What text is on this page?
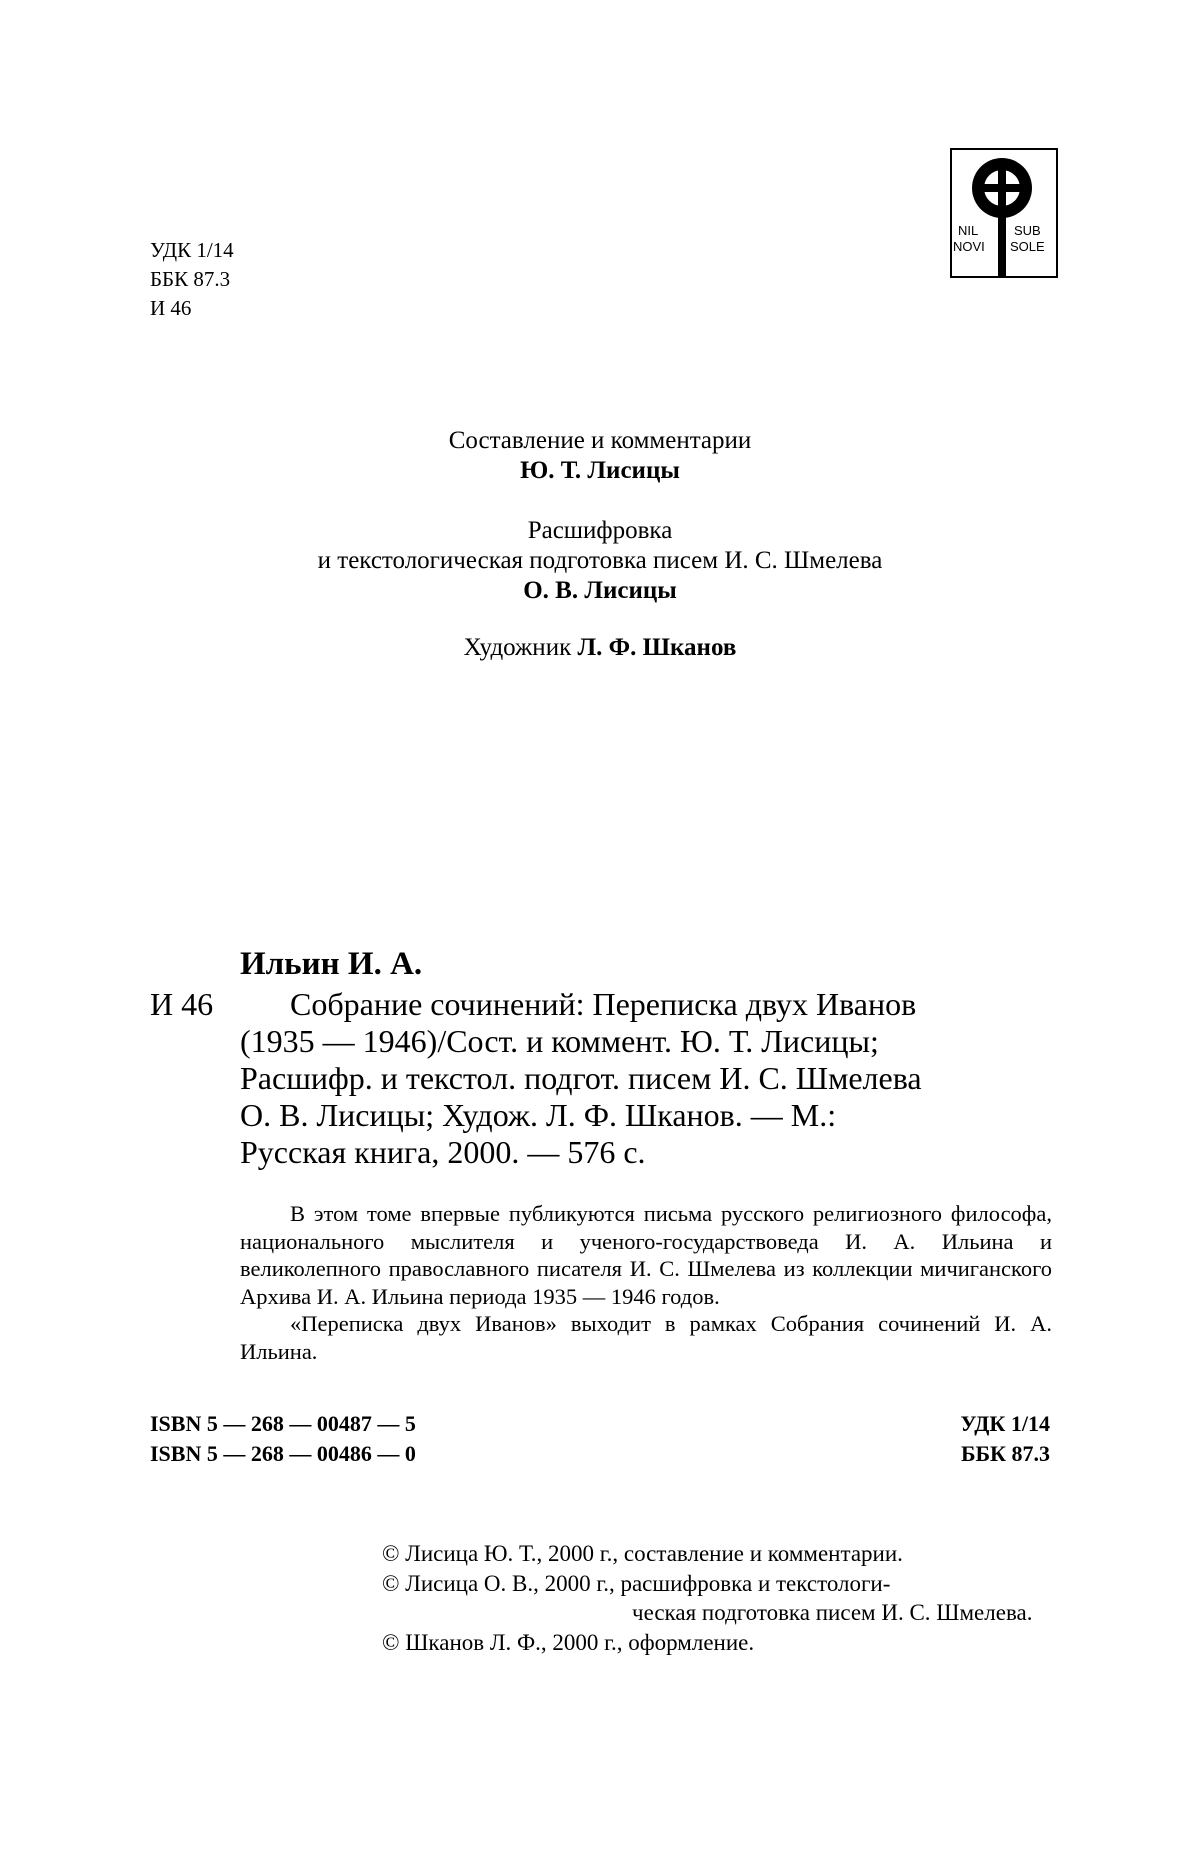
УДК 1/14
ББК 87.3
И 46
NIL	SUB
NOVI SOLE
Составление и комментарии
Ю. Т. Лисицы
Расшифровка
и текстологическая подготовка писем И. С. Шмелева
О. В. Лисицы
Художник Л. Ф. Шканов
Ильин И. А.
И 46	Собрание сочинений: Переписка двух Иванов
(1935 — 1946)/Сост. и коммент. Ю. Т. Лисицы;
Расшифр. и текстол. подгот. писем И. С. Шмелева
О. В. Лисицы; Худож. Л. Ф. Шканов. — М.:
Русская книга, 2000. — 576 с.

В этом томе впервые публикуются письма русского религиозного философа, национального мыслителя и ученого-государствоведа И. А. Ильина и великолепного православного писателя И. С. Шмелева из коллекции мичиганского Архива И. А. Ильина периода 1935 — 1946 годов.

«Переписка двух Иванов» выходит в рамках Собрания сочинений И. А. Ильина.

ISBN 5 — 268 — 00487 — 5	УДК 1/14
ISBN 5 — 268 — 00486 — 0	ББК 87.3
© Лисица Ю. Т., 2000 г., составление и комментарии.
© Лисица О. В., 2000 г., расшифровка и текстологи-
ческая подготовка писем И. С. Шмелева.
© Шканов Л. Ф., 2000 г., оформление.
